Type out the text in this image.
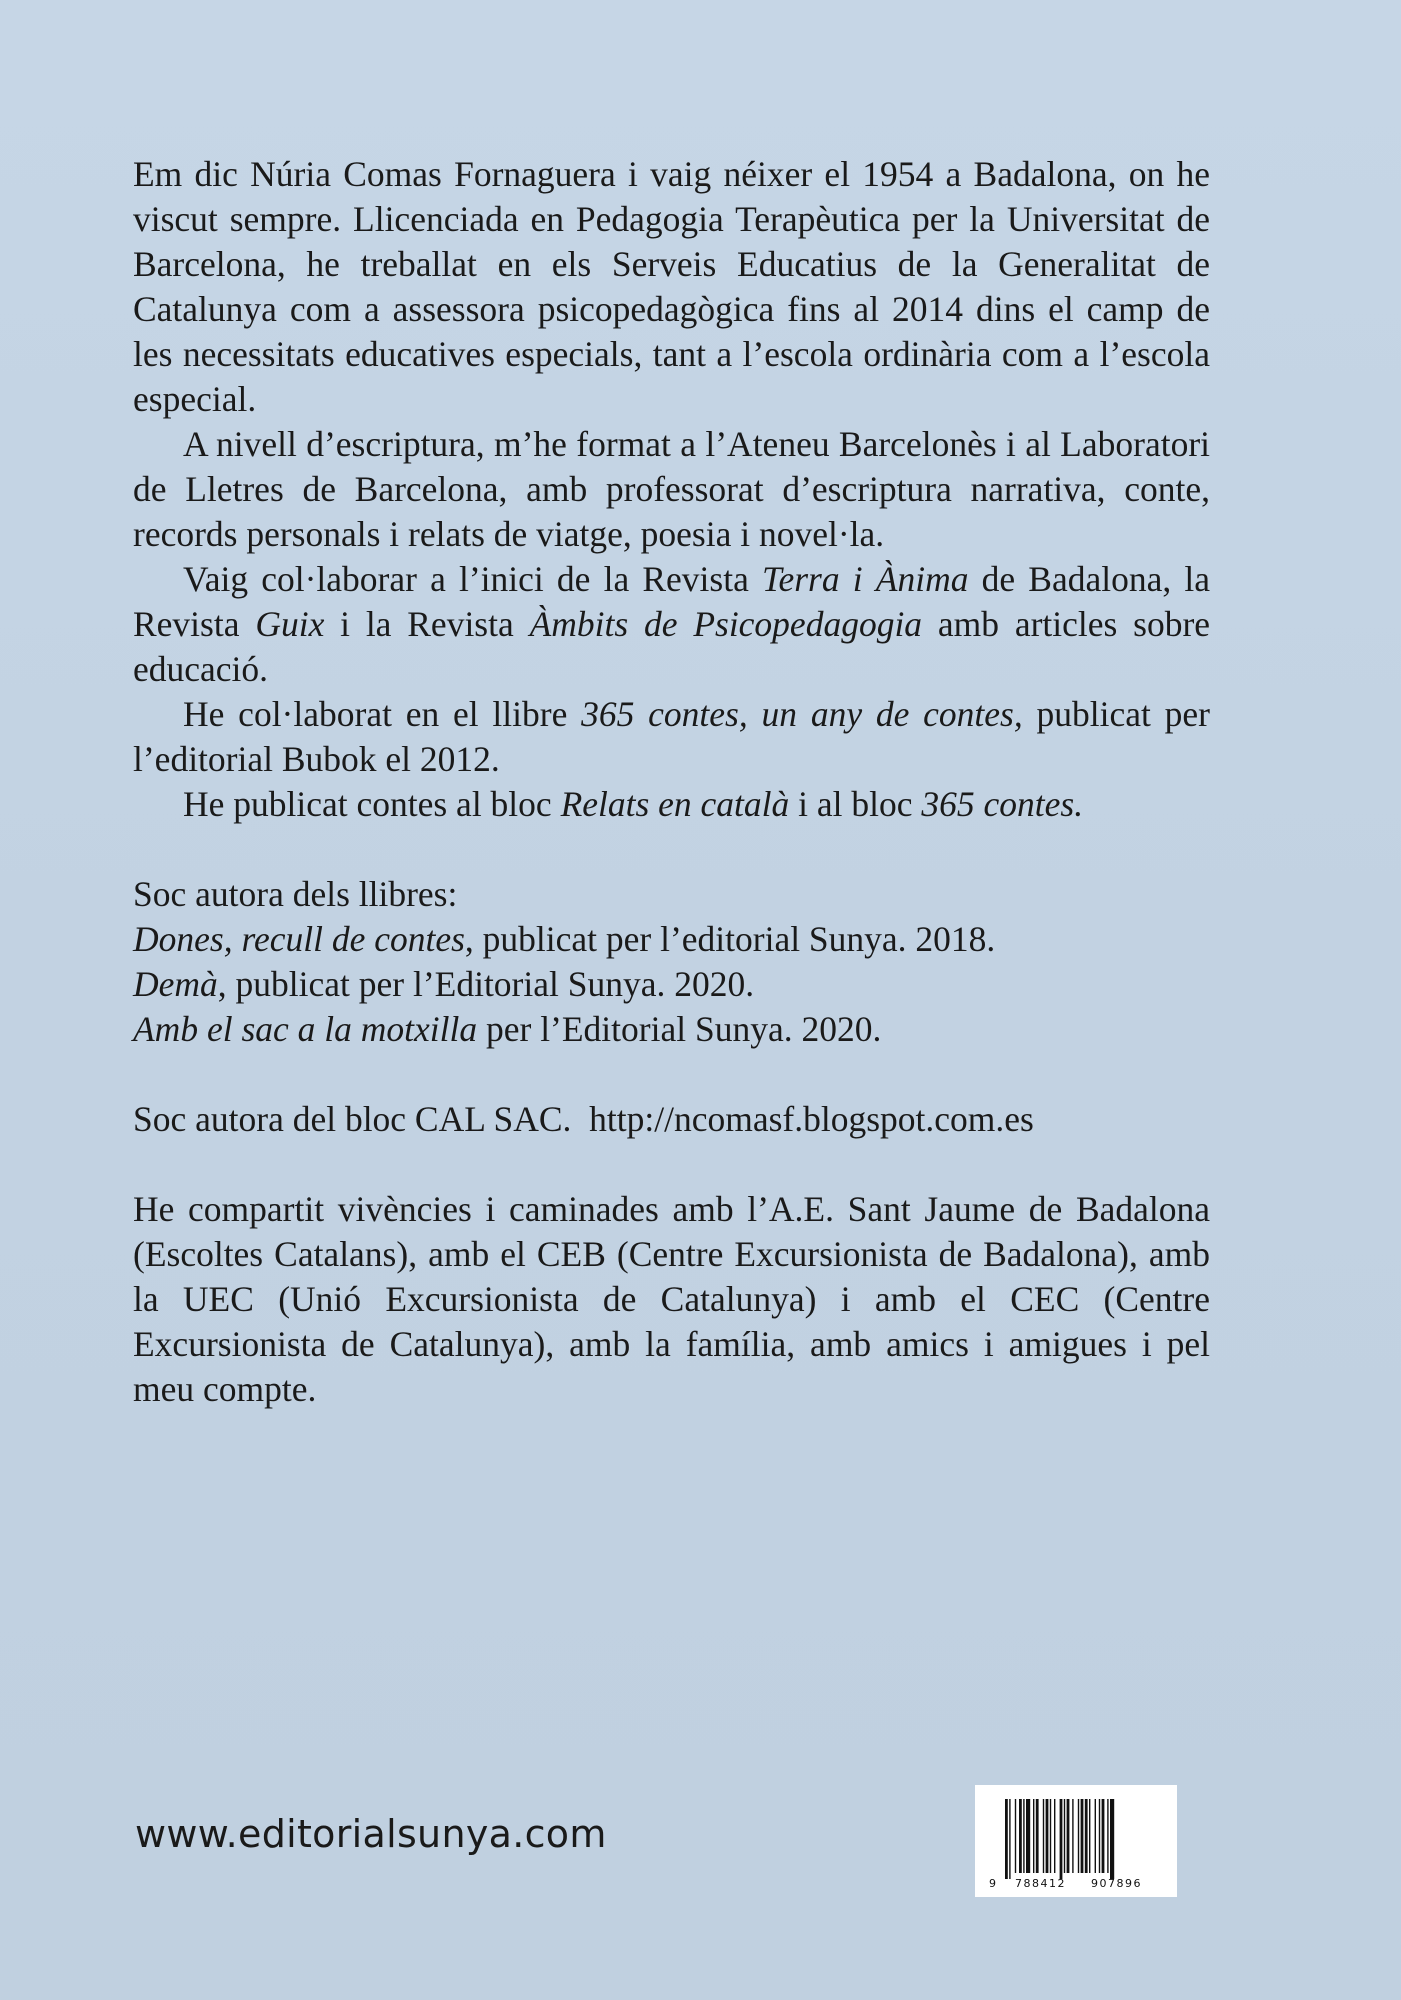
Em dic Núria Comas Fornaguera i vaig néixer el 1954 a Badalona, on he viscut sempre. Llicenciada en Pedagogia Terapèutica per la Universitat de Barcelona, he treballat en els Serveis Educatius de la Generalitat de Catalunya com a assessora psicopedagògica fins al 2014 dins el camp de les necessitats educatives especials, tant a l’escola ordinària com a l’escola especial.

A nivell d’escriptura, m’he format a l’Ateneu Barcelonès i al Laboratori de Lletres de Barcelona, amb professorat d’escriptura narrativa, conte, records personals i relats de viatge, poesia i novel·la.

Vaig col·laborar a l’inici de la Revista Terra i Ànima de Badalona, la Revista Guix i la Revista Àmbits de Psicopedagogia amb articles sobre educació.

He col·laborat en el llibre 365 contes, un any de contes, publicat per l’editorial Bubok el 2012.

He publicat contes al bloc Relats en català i al bloc 365 contes.

Soc autora dels llibres:

Dones, recull de contes, publicat per l’editorial Sunya. 2018.

Demà, publicat per l’Editorial Sunya. 2020.

Amb el sac a la motxilla per l’Editorial Sunya. 2020.

Soc autora del bloc CAL SAC.  http://ncomasf.blogspot.com.es

He compartit vivències i caminades amb l’A.E. Sant Jaume de Badalona (Escoltes Catalans), amb el CEB (Centre Excursionista de Badalona), amb la UEC (Unió Excursionista de Catalunya) i amb el CEC (Centre Excursionista de Catalunya), amb la família, amb amics i amigues i pel meu compte.

www.editorialsunya.com
9 788412 907896
